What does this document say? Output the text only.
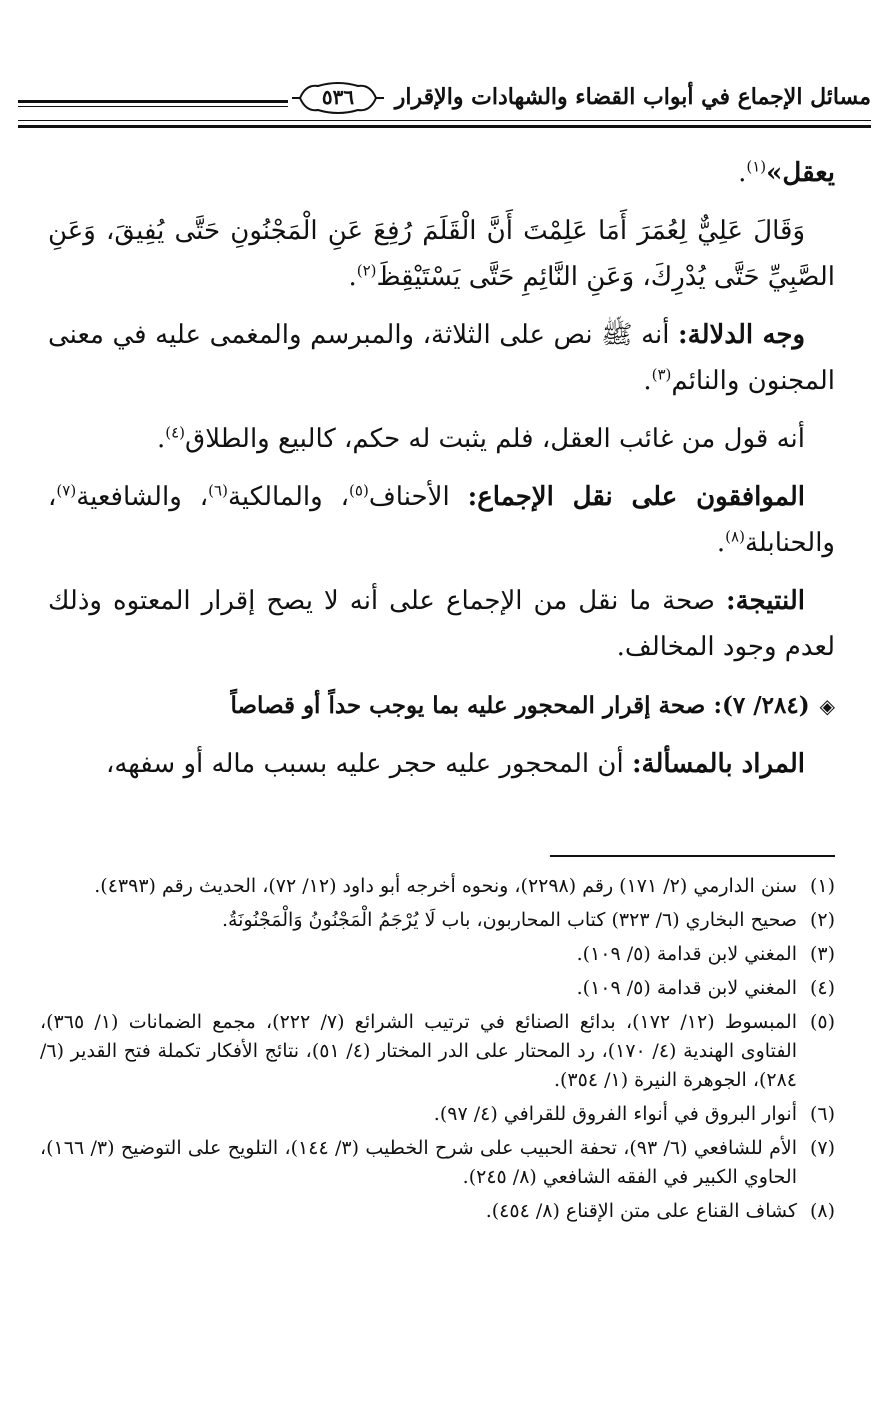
مسائل الإجماع في أبواب القضاء والشهادات والإقرار
٥٣٦

يعقل»$^{(١)}$.

وَقَالَ عَلِيٌّ لِعُمَرَ أَمَا عَلِمْتَ أَنَّ الْقَلَمَ رُفِعَ عَنِ الْمَجْنُونِ حَتَّى يُفِيقَ، وَعَنِ الصَّبِيِّ حَتَّى يُدْرِكَ، وَعَنِ النَّائِمِ حَتَّى يَسْتَيْقِظَ$^{(٢)}$.

وجه الدلالة: أنه ﷺ نص على الثلاثة، والمبرسم والمغمى عليه في معنى المجنون والنائم$^{(٣)}$.

أنه قول من غائب العقل، فلم يثبت له حكم، كالبيع والطلاق$^{(٤)}$.

الموافقون على نقل الإجماع: الأحناف$^{(٥)}$، والمالكية$^{(٦)}$، والشافعية$^{(٧)}$، والحنابلة$^{(٨)}$.

النتيجة: صحة ما نقل من الإجماع على أنه لا يصح إقرار المعتوه وذلك لعدم وجود المخالف.

◈(٢٨٤/ ٧): صحة إقرار المحجور عليه بما يوجب حداً أو قصاصاً

المراد بالمسألة: أن المحجور عليه حجر عليه بسبب ماله أو سفهه،

(١)
سنن الدارمي (٢/ ١٧١) رقم (٢٢٩٨)، ونحوه أخرجه أبو داود (١٢/ ٧٢)، الحديث رقم (٤٣٩٣).
(٢)
صحيح البخاري (٦/ ٣٢٣) كتاب المحاربون، باب لَا يُرْجَمُ الْمَجْنُونُ وَالْمَجْنُونَةُ.
(٣)
المغني لابن قدامة (٥/ ١٠٩).
(٤)
المغني لابن قدامة (٥/ ١٠٩).
(٥)
المبسوط (١٢/ ١٧٢)، بدائع الصنائع في ترتيب الشرائع (٧/ ٢٢٢)، مجمع الضمانات (١/ ٣٦٥)، الفتاوى الهندية (٤/ ١٧٠)، رد المحتار على الدر المختار (٤/ ٥١)، نتائج الأفكار تكملة فتح القدير (٦/ ٢٨٤)، الجوهرة النيرة (١/ ٣٥٤).
(٦)
أنوار البروق في أنواء الفروق للقرافي (٤/ ٩٧).
(٧)
الأم للشافعي (٦/ ٩٣)، تحفة الحبيب على شرح الخطيب (٣/ ١٤٤)، التلويح على التوضيح (٣/ ١٦٦)، الحاوي الكبير في الفقه الشافعي (٨/ ٢٤٥).
(٨)
كشاف القناع على متن الإقناع (٨/ ٤٥٤).
